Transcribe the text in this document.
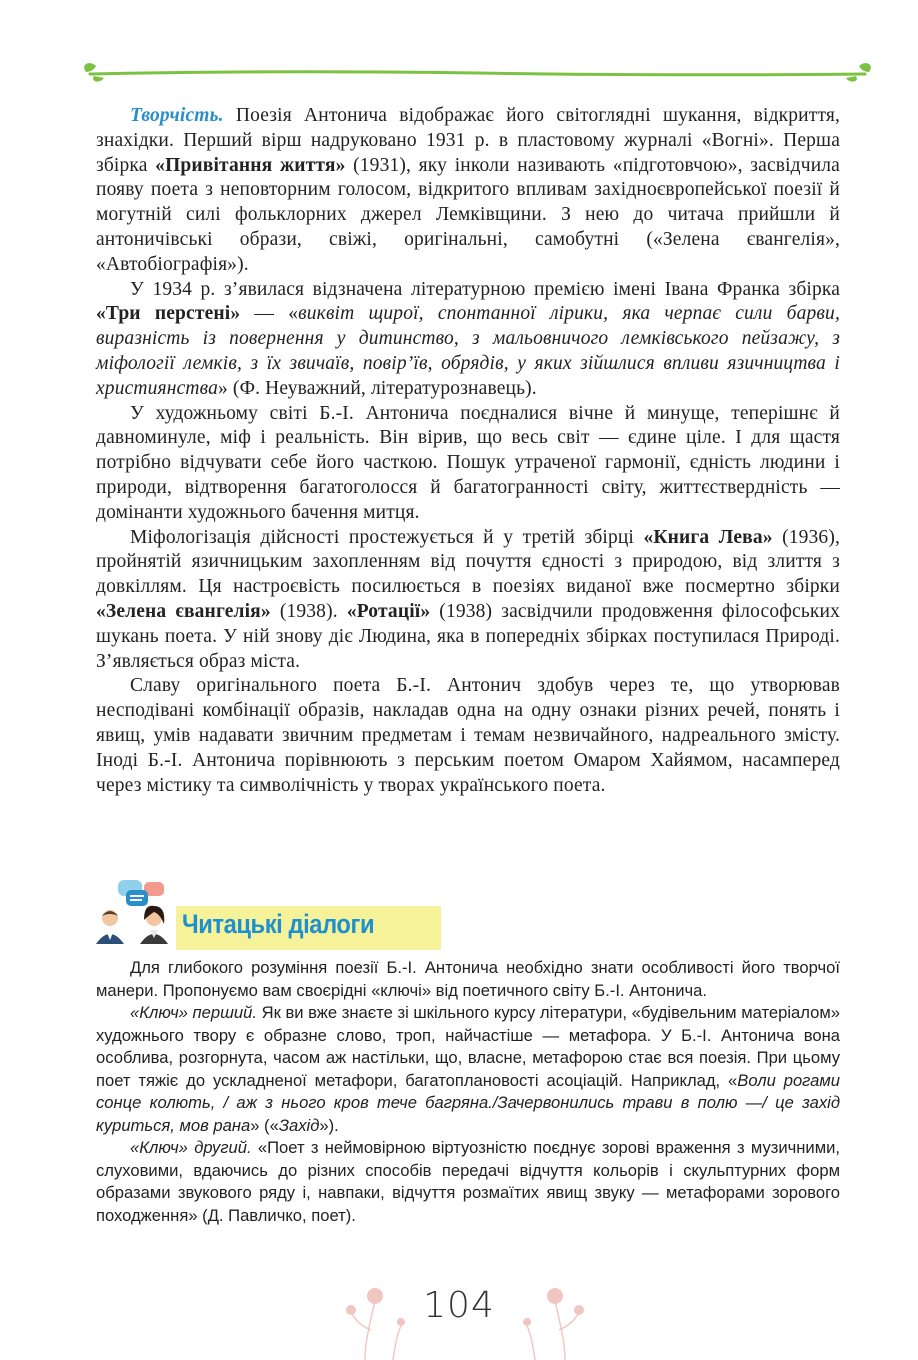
Творчість. Поезія Антонича відображає його світоглядні шукання, відкриття, знахідки. Перший вірш надруковано 1931 р. в пластовому журналі «Вогні». Перша збірка «Привітання життя» (1931), яку інколи називають «підготовчою», засвідчила появу поета з неповторним голосом, відкритого впливам західноєвропейської поезії й могутній силі фольклорних джерел Лемківщини. З нею до читача прийшли й антоничівські образи, свіжі, оригінальні, самобутні («Зелена євангелія», «Автобіографія»).

У 1934 р. з’явилася відзначена літературною премією імені Івана Франка збірка «Три перстені» — «виквіт щирої, спонтанної лірики, яка черпає сили барви, виразність із повернення у дитинство, з мальовничого лемківського пейзажу, з міфології лемків, з їх звичаїв, повір’їв, обрядів, у яких зійшлися впливи язичництва і християнства» (Ф. Неуважний, літературознавець).

У художньому світі Б.-І. Антонича поєдналися вічне й минуще, теперішнє й давноминуле, міф і реальність. Він вірив, що весь світ — єдине ціле. І для щастя потрібно відчувати себе його часткою. Пошук утраченої гармонії, єдність людини і природи, відтворення багатоголосся й багатогранності світу, життєствердність — домінанти художнього бачення митця.

Міфологізація дійсності простежується й у третій збірці «Книга Лева» (1936), пройнятій язичницьким захопленням від почуття єдності з природою, від злиття з довкіллям. Ця настроєвість посилюється в поезіях виданої вже посмертно збірки «Зелена євангелія» (1938). «Ротації» (1938) засвідчили продовження філософських шукань поета. У ній знову діє Людина, яка в попередніх збірках поступилася Природі. З’являється образ міста.

Славу оригінального поета Б.-І. Антонич здобув через те, що утворював несподівані комбінації образів, накладав одна на одну ознаки різних речей, понять і явищ, умів надавати звичним предметам і темам незвичайного, надреального змісту. Іноді Б.-І. Антонича порівнюють з перським поетом Омаром Хайямом, насамперед через містику та символічність у творах українського поета.

Читацькі діалоги

Для глибокого розуміння поезії Б.-І. Антонича необхідно знати особливості його творчої манери. Пропонуємо вам своєрідні «ключі» від поетичного світу Б.-І. Антонича.

«Ключ» перший. Як ви вже знаєте зі шкільного курсу літератури, «будівельним матеріалом» художнього твору є образне слово, троп, найчастіше — метафора. У Б.-І. Антонича вона особлива, розгорнута, часом аж настільки, що, власне, метафорою стає вся поезія. При цьому поет тяжіє до ускладненої метафори, багатоплановості асоціацій. Наприклад, «Воли рогами сонце колють, / аж з нього кров тече багряна./Зачервонились трави в полю —/ це захід куриться, мов рана» («Захід»).

«Ключ» другий. «Поет з неймовірною віртуозністю поєднує зорові враження з музичними, слуховими, вдаючись до різних способів передачі відчуття кольорів і скульптурних форм образами звукового ряду і, навпаки, відчуття розмаїтих явищ звуку — метафорами зорового походження» (Д. Павличко, поет).

104
